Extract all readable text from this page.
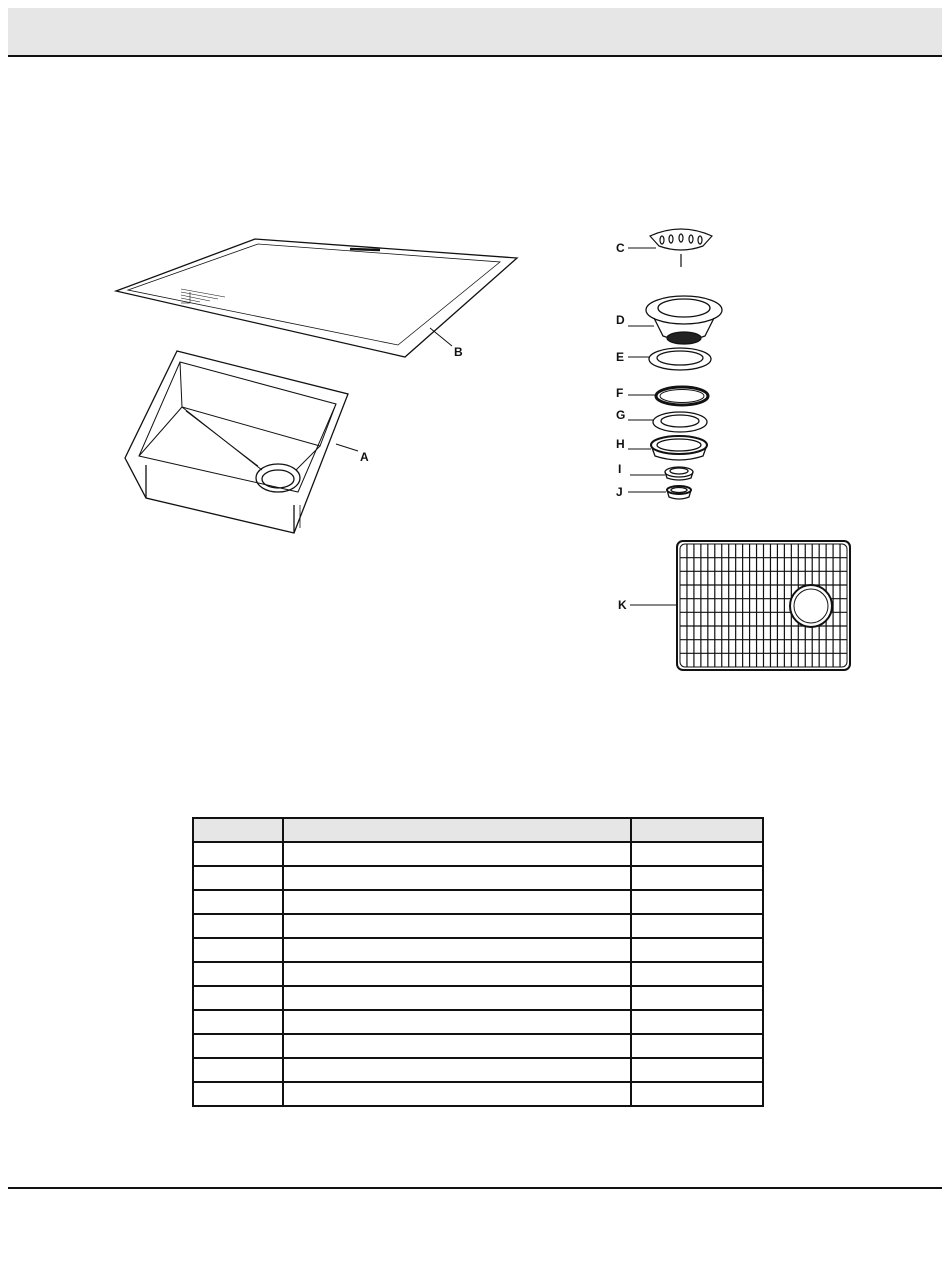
B
A
C
D
E
F
G
H
I
J
K
